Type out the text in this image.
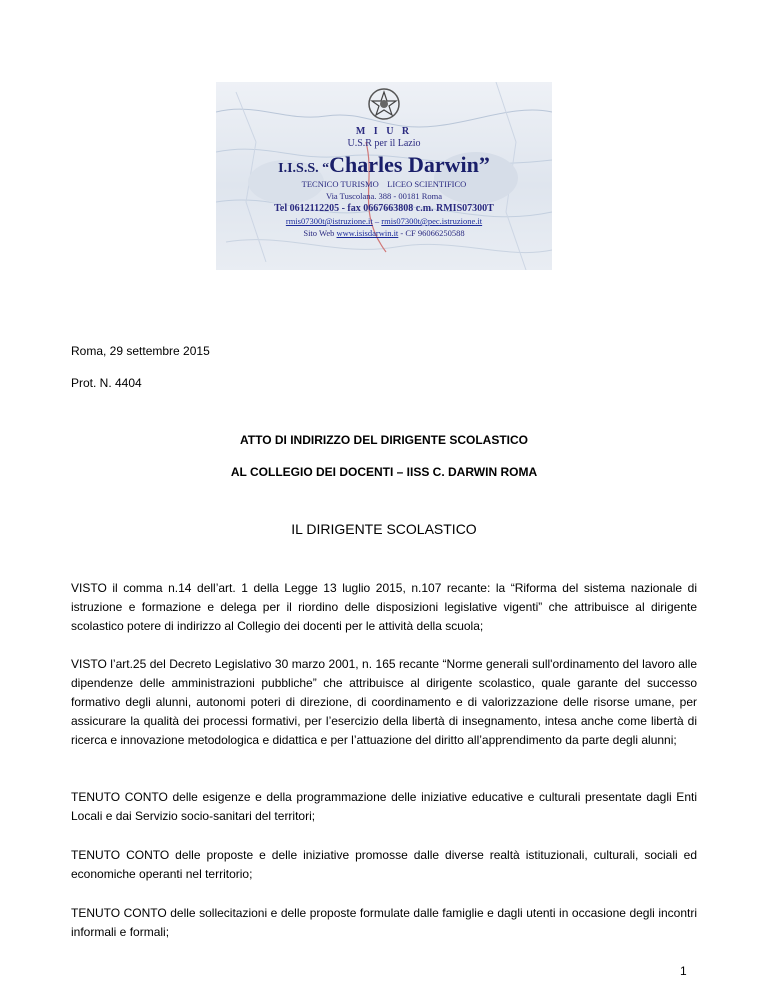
M I U R
U.S.R per il Lazio
I.I.S.S. “Charles Darwin”
TECNICO TURISMO LICEO SCIENTIFICO
Via Tuscolana. 388 - 00181 Roma
Tel 0612112205 - fax 0667663808 c.m. RMIS07300T
rmis07300t@istruzione.it – rmis07300t@pec.istruzione.it
Sito Web www.isisdarwin.it - CF 96066250588
Roma, 29 settembre 2015
Prot. N. 4404
ATTO DI INDIRIZZO DEL DIRIGENTE SCOLASTICO
AL COLLEGIO DEI DOCENTI – IISS C. DARWIN ROMA
IL DIRIGENTE SCOLASTICO
VISTO il comma n.14 dell’art. 1 della Legge 13 luglio 2015, n.107 recante: la “Riforma del sistema nazionale di istruzione e formazione e delega per il riordino delle disposizioni legislative vigenti” che attribuisce al dirigente scolastico potere di indirizzo al Collegio dei docenti per le attività della scuola;
VISTO l’art.25 del Decreto Legislativo 30 marzo 2001, n. 165 recante “Norme generali sull'ordinamento del lavoro alle dipendenze delle amministrazioni pubbliche” che attribuisce al dirigente scolastico, quale garante del successo formativo degli alunni, autonomi poteri di direzione, di coordinamento e di valorizzazione delle risorse umane, per assicurare la qualità dei processi formativi, per l’esercizio della libertà di insegnamento, intesa anche come libertà di ricerca e innovazione metodologica e didattica e per l’attuazione del diritto all’apprendimento da parte degli alunni;
TENUTO CONTO delle esigenze e della programmazione delle iniziative educative e culturali presentate dagli Enti Locali e dai Servizio socio-sanitari del territori;
TENUTO CONTO delle proposte e delle iniziative promosse dalle diverse realtà istituzionali, culturali, sociali ed economiche operanti nel territorio;
TENUTO CONTO delle sollecitazioni e delle proposte formulate dalle famiglie e dagli utenti in occasione degli incontri informali e formali;
1
